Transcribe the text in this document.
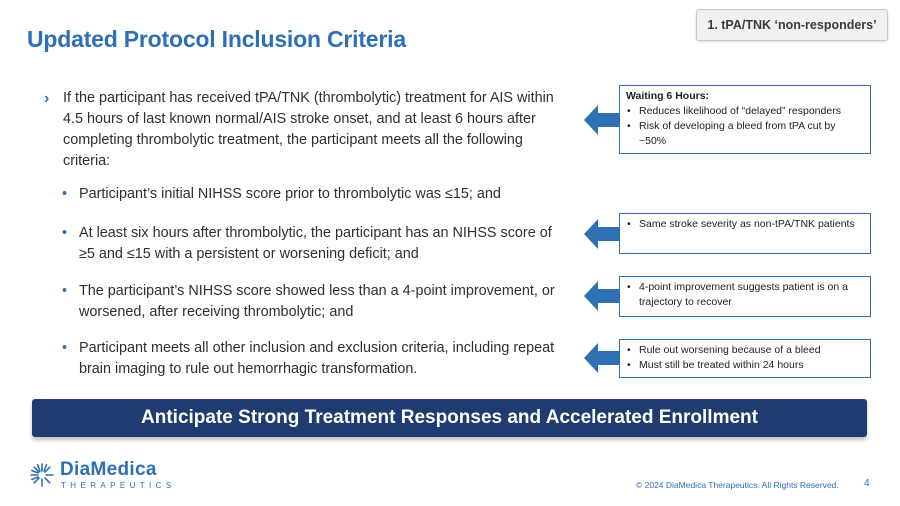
Updated Protocol Inclusion Criteria
1. tPA/TNK ‘non-responders’
› If the participant has received tPA/TNK (thrombolytic) treatment for AIS within 4.5 hours of last known normal/AIS stroke onset, and at least 6 hours after completing thrombolytic treatment, the participant meets all the following criteria:
• Participant’s initial NIHSS score prior to thrombolytic was ≤15; and
• At least six hours after thrombolytic, the participant has an NIHSS score of ≥5 and ≤15 with a persistent or worsening deficit; and
• The participant’s NIHSS score showed less than a 4-point improvement, or worsened, after receiving thrombolytic; and
• Participant meets all other inclusion and exclusion criteria, including repeat brain imaging to rule out hemorrhagic transformation.
Waiting 6 Hours:
• Reduces likelihood of “delayed” responders
• Risk of developing a bleed from tPA cut by ~50%
• Same stroke severity as non-tPA/TNK patients
• 4-point improvement suggests patient is on a trajectory to recover
• Rule out worsening because of a bleed
• Must still be treated within 24 hours
Anticipate Strong Treatment Responses and Accelerated Enrollment
DiaMedica
THERAPEUTICS	© 2024 DiaMedica Therapeutics. All Rights Reserved.	4
